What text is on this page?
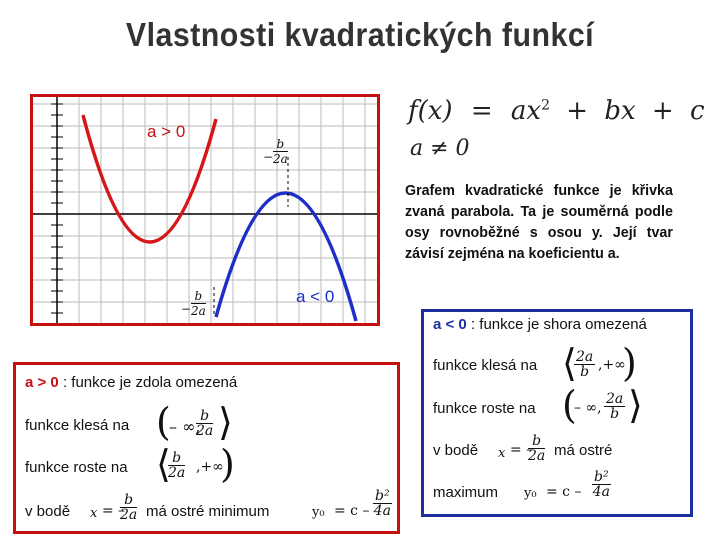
Vlastnosti kvadratických funkcí
a > 0
a < 0
− $\frac{b}{2a}$
− $\frac{b}{2a}$
$f(x) = ax^2$ + bx + c
a ≠ 0
Grafem kvadratické funkce je křivka zvaná parabola. Ta je souměrná podle osy rovnoběžné s osou y. Její tvar závisí zejména na koeficientu a.
a > 0 : funkce je zdola omezená
funkce klesá na (
– ∞,
$\frac{b}{2a}$ ⟩
funkce roste na ⟨
$\frac{b}{2a}$ ,+∞
)
v bodě x = –
$\frac{b}{2a}$ má ostré minimum	$y_0 = c - \frac{\text{b²}}{4a}$
a < 0 : funkce je shora omezená
funkce klesá na ⟨
$\frac{2a}{b}$ ,+∞
)
funkce roste na (
– ∞, $\frac{2a}{b}$ ⟩
v bodě x = –
$\frac{b}{2a}$ má ostré
maximum $y_0 = c - \frac{\text{b²}}{4a}$
